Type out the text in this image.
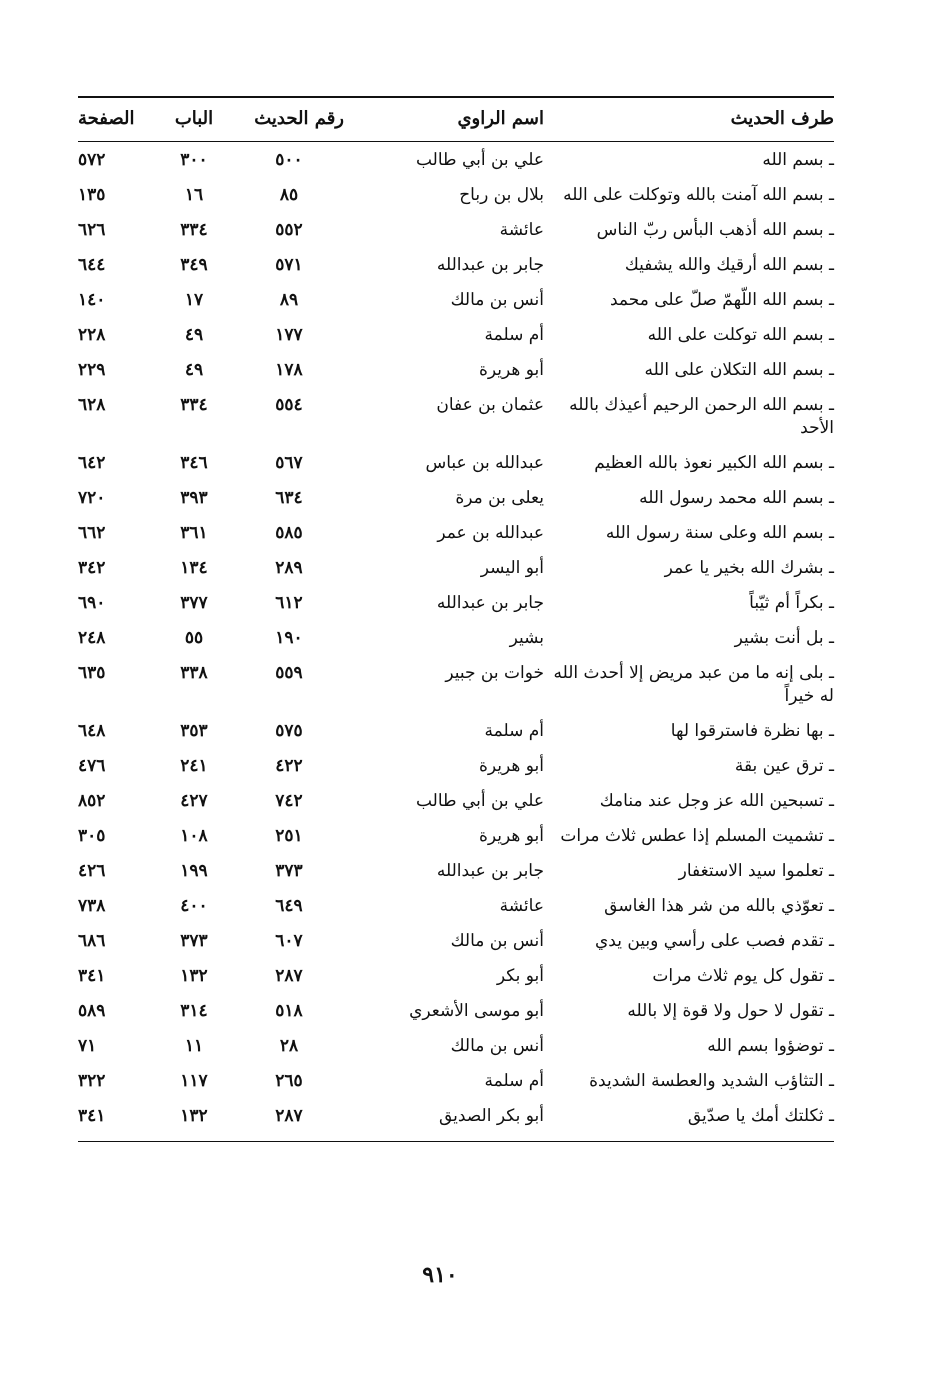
طرف الحديث	اسم الراوي	رقم الحديث	الباب	الصفحة
ـ بسم الله	علي بن أبي طالب	٥٠٠	٣٠٠	٥٧٢
ـ بسم الله آمنت بالله وتوكلت على الله	بلال بن رباح	٨٥	١٦	١٣٥
ـ بسم الله أذهب البأس ربّ الناس	عائشة	٥٥٢	٣٣٤	٦٢٦
ـ بسم الله أرقيك والله يشفيك	جابر بن عبدالله	٥٧١	٣٤٩	٦٤٤
ـ بسم الله اللّهمّ صلّ على محمد	أنس بن مالك	٨٩	١٧	١٤٠
ـ بسم الله توكلت على الله	أم سلمة	١٧٧	٤٩	٢٢٨
ـ بسم الله التكلان على الله	أبو هريرة	١٧٨	٤٩	٢٢٩
ـ بسم الله الرحمن الرحيم أعيذك بالله الأحد	عثمان بن عفان	٥٥٤	٣٣٤	٦٢٨
ـ بسم الله الكبير نعوذ بالله العظيم	عبدالله بن عباس	٥٦٧	٣٤٦	٦٤٢
ـ بسم الله محمد رسول الله	يعلى بن مرة	٦٣٤	٣٩٣	٧٢٠
ـ بسم الله وعلى سنة رسول الله	عبدالله بن عمر	٥٨٥	٣٦١	٦٦٢
ـ بشرك الله بخير يا عمر	أبو اليسر	٢٨٩	١٣٤	٣٤٢
ـ بكراً أم ثيّباً	جابر بن عبدالله	٦١٢	٣٧٧	٦٩٠
ـ بل أنت بشير	بشير	١٩٠	٥٥	٢٤٨
ـ بلى إنه ما من عبد مريض إلا أحدث الله له خيراً	خوات بن جبير	٥٥٩	٣٣٨	٦٣٥
ـ بها نظرة فاسترقوا لها	أم سلمة	٥٧٥	٣٥٣	٦٤٨
ـ ترق عين بقة	أبو هريرة	٤٢٢	٢٤١	٤٧٦
ـ تسبحين الله عز وجل عند منامك	علي بن أبي طالب	٧٤٢	٤٢٧	٨٥٢
ـ تشميت المسلم إذا عطس ثلاث مرات	أبو هريرة	٢٥١	١٠٨	٣٠٥
ـ تعلموا سيد الاستغفار	جابر بن عبدالله	٣٧٣	١٩٩	٤٢٦
ـ تعوّذي بالله من شر هذا الغاسق	عائشة	٦٤٩	٤٠٠	٧٣٨
ـ تقدم فصب على رأسي وبين يدي	أنس بن مالك	٦٠٧	٣٧٣	٦٨٦
ـ تقول كل يوم ثلاث مرات	أبو بكر	٢٨٧	١٣٢	٣٤١
ـ تقول لا حول ولا قوة إلا بالله	أبو موسى الأشعري	٥١٨	٣١٤	٥٨٩
ـ توضؤوا بسم الله	أنس بن مالك	٢٨	١١	٧١
ـ التثاؤب الشديد والعطسة الشديدة	أم سلمة	٢٦٥	١١٧	٣٢٢
ـ ثكلتك أمك يا صدّيق	أبو بكر الصديق	٢٨٧	١٣٢	٣٤١
٩١٠
